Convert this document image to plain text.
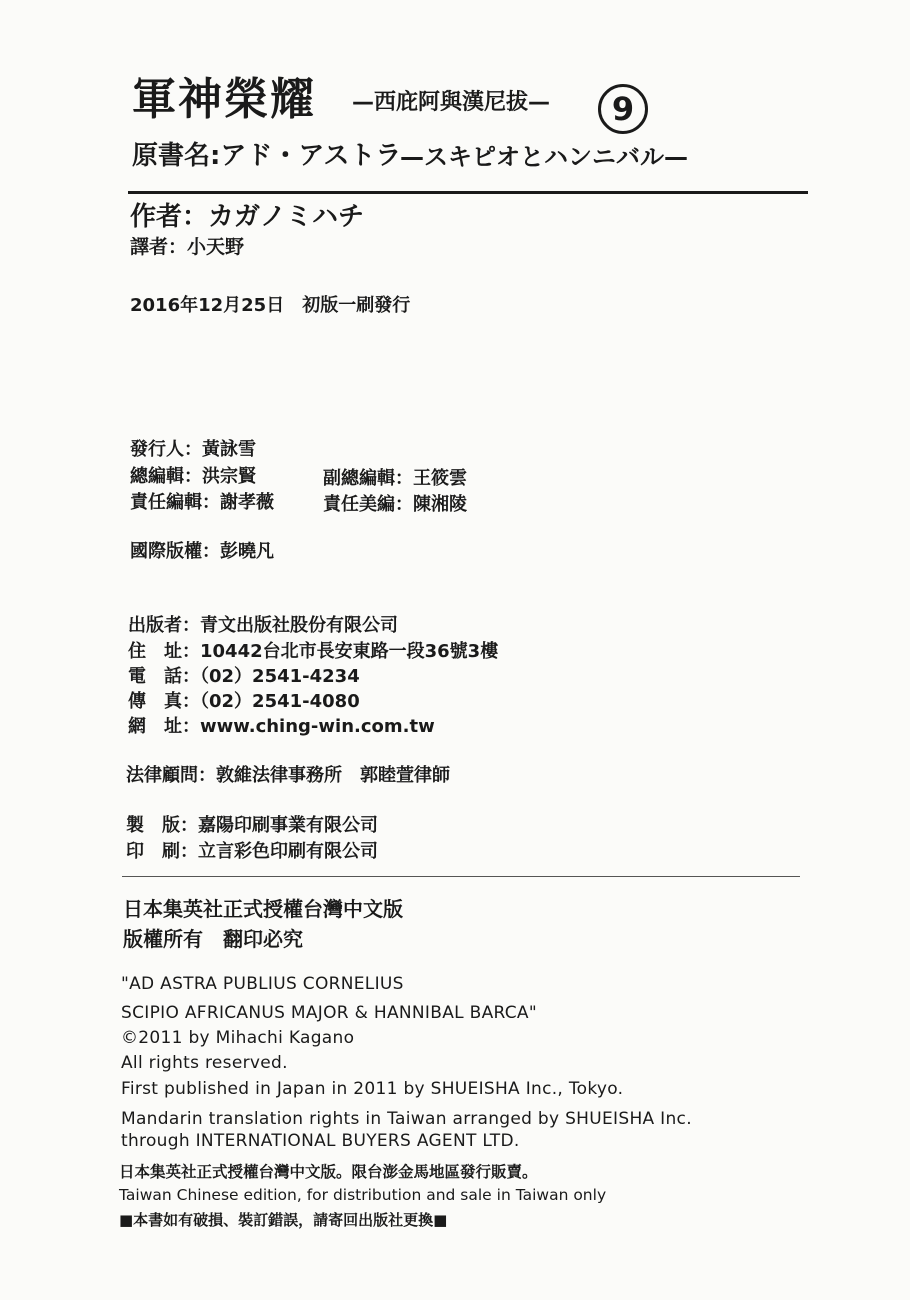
軍神榮耀 —西庇阿與漢尼拔—	9
原書名:アド・アストラ
—スキピオとハンニバル—
作者：カガノミハチ
譯者：小天野
2016年12月25日　初版一刷發行
發行人：黃詠雪
總編輯：洪宗賢	副總編輯：王筱雲
責任編輯：謝孝薇	責任美編：陳湘陵
國際版權：彭曉凡
出版者：青文出版社股份有限公司
住　址：10442台北市長安東路一段36號3樓
電　話：（02）2541-4234
傳　真：（02）2541-4080
網　址：www.ching-win.com.tw
法律顧問：敦維法律事務所　郭睦萱律師
製　版：嘉陽印刷事業有限公司
印　刷：立言彩色印刷有限公司
日本集英社正式授權台灣中文版
版權所有　翻印必究
"AD ASTRA PUBLIUS CORNELIUS
SCIPIO AFRICANUS MAJOR & HANNIBAL BARCA"
©2011 by Mihachi Kagano
All rights reserved.
First published in Japan in 2011 by SHUEISHA Inc., Tokyo.
Mandarin translation rights in Taiwan arranged by SHUEISHA Inc.
through INTERNATIONAL BUYERS AGENT LTD.
日本集英社正式授權台灣中文版。限台澎金馬地區發行販賣。
Taiwan Chinese edition, for distribution and sale in Taiwan only
■本書如有破損、裝訂錯誤，請寄回出版社更換■
